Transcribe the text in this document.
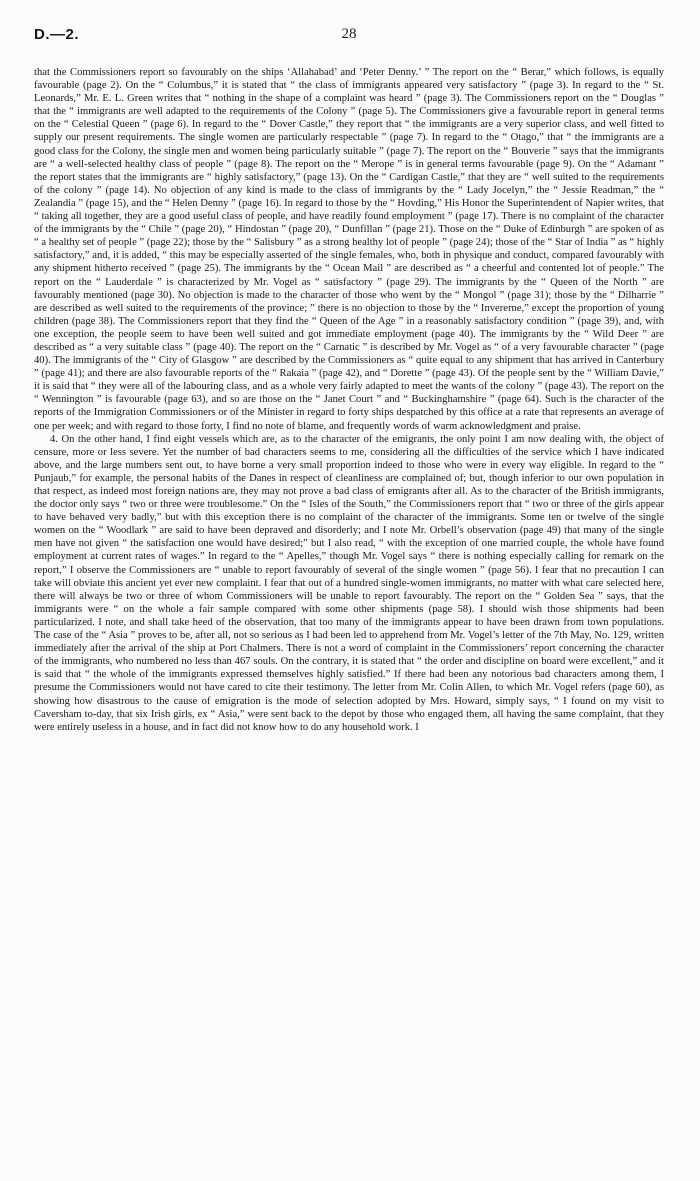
D.—2.	28

that the Commissioners report so favourably on the ships ‘Allahabad’ and ‘Peter Denny.’ ” The report on the “ Berar,” which follows, is equally favourable (page 2). On the “ Columbus,” it is stated that “ the class of immigrants appeared very satisfactory ” (page 3). In regard to the “ St. Leonards,” Mr. E. L. Green writes that “ nothing in the shape of a complaint was heard ” (page 3). The Commissioners report on the “ Douglas ” that the “ immigrants are well adapted to the requirements of the Colony ” (page 5). The Commissioners give a favourable report in general terms on the “ Celestial Queen ” (page 6). In regard to the “ Dover Castle,” they report that “ the immigrants are a very superior class, and well fitted to supply our present requirements. The single women are particularly respectable ” (page 7). In regard to the “ Otago,” that “ the immigrants are a good class for the Colony, the single men and women being particularly suitable ” (page 7). The report on the “ Bouverie ” says that the immigrants are “ a well-selected healthy class of people ” (page 8). The report on the “ Merope ” is in general terms favourable (page 9). On the “ Adamant ” the report states that the immigrants are “ highly satisfactory,” (page 13). On the “ Cardigan Castle,” that they are “ well suited to the requirements of the colony ” (page 14). No objection of any kind is made to the class of immigrants by the “ Lady Jocelyn,” the “ Jessie Readman,” the “ Zealandia ” (page 15), and the “ Helen Denny ” (page 16). In regard to those by the “ Hovding,” His Honor the Superintendent of Napier writes, that “ taking all together, they are a good useful class of people, and have readily found employment ” (page 17). There is no complaint of the character of the immigrants by the “ Chile ” (page 20), “ Hindostan ” (page 20), “ Dunfillan ” (page 21). Those on the “ Duke of Edinburgh ” are spoken of as “ a healthy set of people ” (page 22); those by the “ Salisbury ” as a strong healthy lot of people ” (page 24); those of the “ Star of India ” as “ highly satisfactory,” and, it is added, “ this may be especially asserted of the single females, who, both in physique and conduct, compared favourably with any shipment hitherto received ” (page 25). The immigrants by the “ Ocean Mail ” are described as “ a cheerful and contented lot of people.” The report on the “ Lauderdale ” is characterized by Mr. Vogel as “ satisfactory ” (page 29). The immigrants by the “ Queen of the North ” are favourably mentioned (page 30). No objection is made to the character of those who went by the “ Mongol ” (page 31); those by the “ Dilharrie ” are described as well suited to the requirements of the province; ” there is no objection to those by the “ Invererne,” except the proportion of young children (page 38). The Commissioners report that they find the “ Queen of the Age ” in a reasonably satisfactory condition ” (page 39), and, with one exception, the people seem to have been well suited and got immediate employment (page 40). The immigrants by the “ Wild Deer ” are described as “ a very suitable class ” (page 40). The report on the “ Carnatic ” is described by Mr. Vogel as “ of a very favourable character ” (page 40). The immigrants of the “ City of Glasgow ” are described by the Commissioners as “ quite equal to any shipment that has arrived in Canterbury ” (page 41); and there are also favourable reports of the “ Rakaia ” (page 42), and “ Dorette ” (page 43). Of the people sent by the “ William Davie,” it is said that “ they were all of the labouring class, and as a whole very fairly adapted to meet the wants of the colony ” (page 43). The report on the “ Wennington ” is favourable (page 63), and so are those on the “ Janet Court ” and “ Buckinghamshire ” (page 64). Such is the character of the reports of the Immigration Commissioners or of the Minister in regard to forty ships despatched by this office at a rate that represents an average of one per week; and with regard to those forty, I find no note of blame, and frequently words of warm acknowledgment and praise.

4. On the other hand, I find eight vessels which are, as to the character of the emigrants, the only point I am now dealing with, the object of censure, more or less severe. Yet the number of bad characters seems to me, considering all the difficulties of the service which I have indicated above, and the large numbers sent out, to have borne a very small proportion indeed to those who were in every way eligible. In regard to the “ Punjaub,” for example, the personal habits of the Danes in respect of cleanliness are complained of; but, though inferior to our own population in that respect, as indeed most foreign nations are, they may not prove a bad class of emigrants after all. As to the character of the British immigrants, the doctor only says “ two or three were troublesome.” On the “ Isles of the South,” the Commissioners report that “ two or three of the girls appear to have behaved very badly,” but with this exception there is no complaint of the character of the immigrants. Some ten or twelve of the single women on the “ Woodlark ” are said to have been depraved and disorderly; and I note Mr. Orbell’s observation (page 49) that many of the single men have not given “ the satisfaction one would have desired;” but I also read, “ with the exception of one married couple, the whole have found employment at current rates of wages.” In regard to the “ Apelles,” though Mr. Vogel says “ there is nothing especially calling for remark on the report,” I observe the Commissioners are “ unable to report favourably of several of the single women ” (page 56). I fear that no precaution I can take will obviate this ancient yet ever new complaint. I fear that out of a hundred single-women immigrants, no matter with what care selected here, there will always be two or three of whom Commissioners will be unable to report favourably. The report on the “ Golden Sea ” says, that the immigrants were “ on the whole a fair sample compared with some other shipments (page 58). I should wish those shipments had been particularized. I note, and shall take heed of the observation, that too many of the immigrants appear to have been drawn from town populations. The case of the “ Asia ” proves to be, after all, not so serious as I had been led to apprehend from Mr. Vogel’s letter of the 7th May, No. 129, written immediately after the arrival of the ship at Port Chalmers. There is not a word of complaint in the Commissioners’ report concerning the character of the immigrants, who numbered no less than 467 souls. On the contrary, it is stated that “ the order and discipline on board were excellent,” and it is said that “ the whole of the immigrants expressed themselves highly satisfied.” If there had been any notorious bad characters among them, I presume the Commissioners would not have cared to cite their testimony. The letter from Mr. Colin Allen, to which Mr. Vogel refers (page 60), as showing how disastrous to the cause of emigration is the mode of selection adopted by Mrs. Howard, simply says, “ I found on my visit to Caversham to-day, that six Irish girls, ex “ Asia,” were sent back to the depot by those who engaged them, all having the same complaint, that they were entirely useless in a house, and in fact did not know how to do any household work. I
